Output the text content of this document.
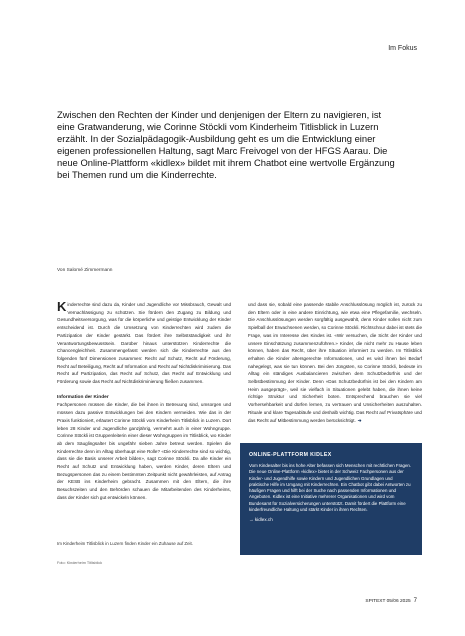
Im Fokus
Zwischen den Rechten der Kinder und denjenigen der Eltern zu navigieren, ist eine Gratwanderung, wie Corinne Stöckli vom Kinderheim Titlisblick in Luzern erzählt. In der Sozialpädagogik-Ausbildung geht es um die Entwicklung einer eigenen professionellen Haltung, sagt Marc Freivogel von der HFGS Aarau. Die neue Online-Plattform «kidlex» bildet mit ihrem Chatbot eine wertvolle Ergänzung bei Themen rund um die Kinderrechte.
Von Salomé Zimmermann

Kinderrechte sind dazu da, Kinder und Jugendliche vor Missbrauch, Gewalt und Vernachlässigung zu schützen. Sie fördern den Zugang zu Bildung und Gesundheitsversorgung, was für die körperliche und geistige Entwicklung der Kinder entscheidend ist. Durch die Umsetzung von Kinderrechten wird zudem die Partizipation der Kinder gestärkt. Das fördert ihre Selbstständigkeit und ihr Verantwortungsbewusstsein. Darüber hinaus unterstützen Kinderrechte die Chancengleichheit. Zusammengefasst werden sich die Kinderrechte aus den folgenden fünf Dimensionen zusammen: Recht auf Schutz, Recht auf Förderung, Recht auf Beteiligung, Recht auf Information und Recht auf Nichtdiskriminierung. Das Recht auf Partizipation, das Recht auf Schutz, das Recht auf Entwicklung und Förderung sowie das Recht auf Nichtdiskriminierung fließen zusammen.

Information der Kinder

Fachpersonen müssen die Kinder, die bei ihnen in Betreuung sind, umsorgen und müssen dazu passive Entwicklungen bei den Kindern vermeiden. Wie das in der Praxis funktioniert, erläutert Corinne Stöckli vom Kinderheim Titlisblick in Luzern. Dort leben 28 Kinder und Jugendliche ganzjährig, vermehrt auch in einer Wohngruppe. Corinne Stöckli ist Gruppenleiterin einer dieser Wohngruppen im Titlisblick, wo Kinder ab dem Säuglingsalter bis ungefähr sieben Jahre betreut werden. Spielen die Kinderrechte denn im Alltag überhaupt eine Rolle? «Die Kinderrechte sind so wichtig, dass sie die Basis unserer Arbeit bilden», sagt Corinne Stöckli. Da alle Kinder ein Recht auf Schutz und Entwicklung haben, werden Kinder, deren Eltern und Bezugspersonen das zu einem bestimmten Zeitpunkt nicht gewährleisten, auf Antrag der KESB ins Kinderheim gebracht. Zusammen mit den Eltern, die ihre Besuchszeiten und den Behörden schauen die Mitarbeitenden des Kinderheims, dass der Kinder sich gut entwickeln können.

und dass sie, sobald eine passende stabile Anschlusslösung möglich ist, zurück zu den Eltern oder in eine andere Einrichtung, wie etwa eine Pflegefamilie, wechseln. Die Anschlusslösungen werden sorgfältig ausgewählt, denn Kinder sollen nicht zum Spielball der Erwachsenen werden, so Corinne Stöckli. Richtschnur dabei ist stets die Frage, was im Interesse des Kindes ist. «Wir versuchen, die Sicht der Kinder und unsere Einschätzung zusammenzuführen.» Kinder, die nicht mehr zu Hause leben können, haben das Recht, über ihre Situation informiert zu werden. Im Titlisblick erhalten die Kinder altersgerechte Informationen, und es wird ihnen bei Bedarf nahegelegt, was sie tun können. Bei den Jüngsten, so Corinne Stöckli, bedeute im Alltag ein ständiges Ausbalancieren zwischen dem Schutzbedürfnis und der Selbstbestimmung der Kinder. Denn «Das Schutzbedürfnis ist bei den Kindern am Heim ausgeprägt», weil sie vielfach in Situationen gelebt haben, die ihnen keine richtige Struktur und Sicherheit boten. Entsprechend brauchen sie viel Vorhersehbarkeit und dürfen lernen, zu vertrauen und Unsicherheiten auszuhalten. Rituale und klare Tagesabläufe und deshalb wichtig. Das Recht auf Privatsphäre und das Recht auf Mitbestimmung werden berücksichtigt. ➔

Im Kinderheim Titlisblick in Luzern finden Kinder ein Zuhause auf Zeit.
Foto: Kinderheim Titlisblick
ONLINE-PLATTFORM KIDLEX
Vom Kindesalter bis ins hohe Alter befassen sich Menschen mit rechtlichen Fragen. Die neue Online-Plattform «kidlex» bietet in der Schweiz Fachpersonen aus der Kinder- und Jugendhilfe sowie Kindern und Jugendlichen Grundlagen und praktische Hilfe im Umgang mit Kinderrechten. Ein Chatbot gibt dabei Antworten zu häufigen Fragen und hilft bei der Suche nach passenden Informationen und Angeboten. Kidlex ist eine Initiative mehrerer Organisationen und wird vom Bundesamt für Sozialversicherungen unterstützt. Damit fördert die Plattform eine kinderfreundliche Haltung und stärkt Kinder in ihren Rechten.
→ kidlex.ch
SPITEXT 05/06 2025 7
